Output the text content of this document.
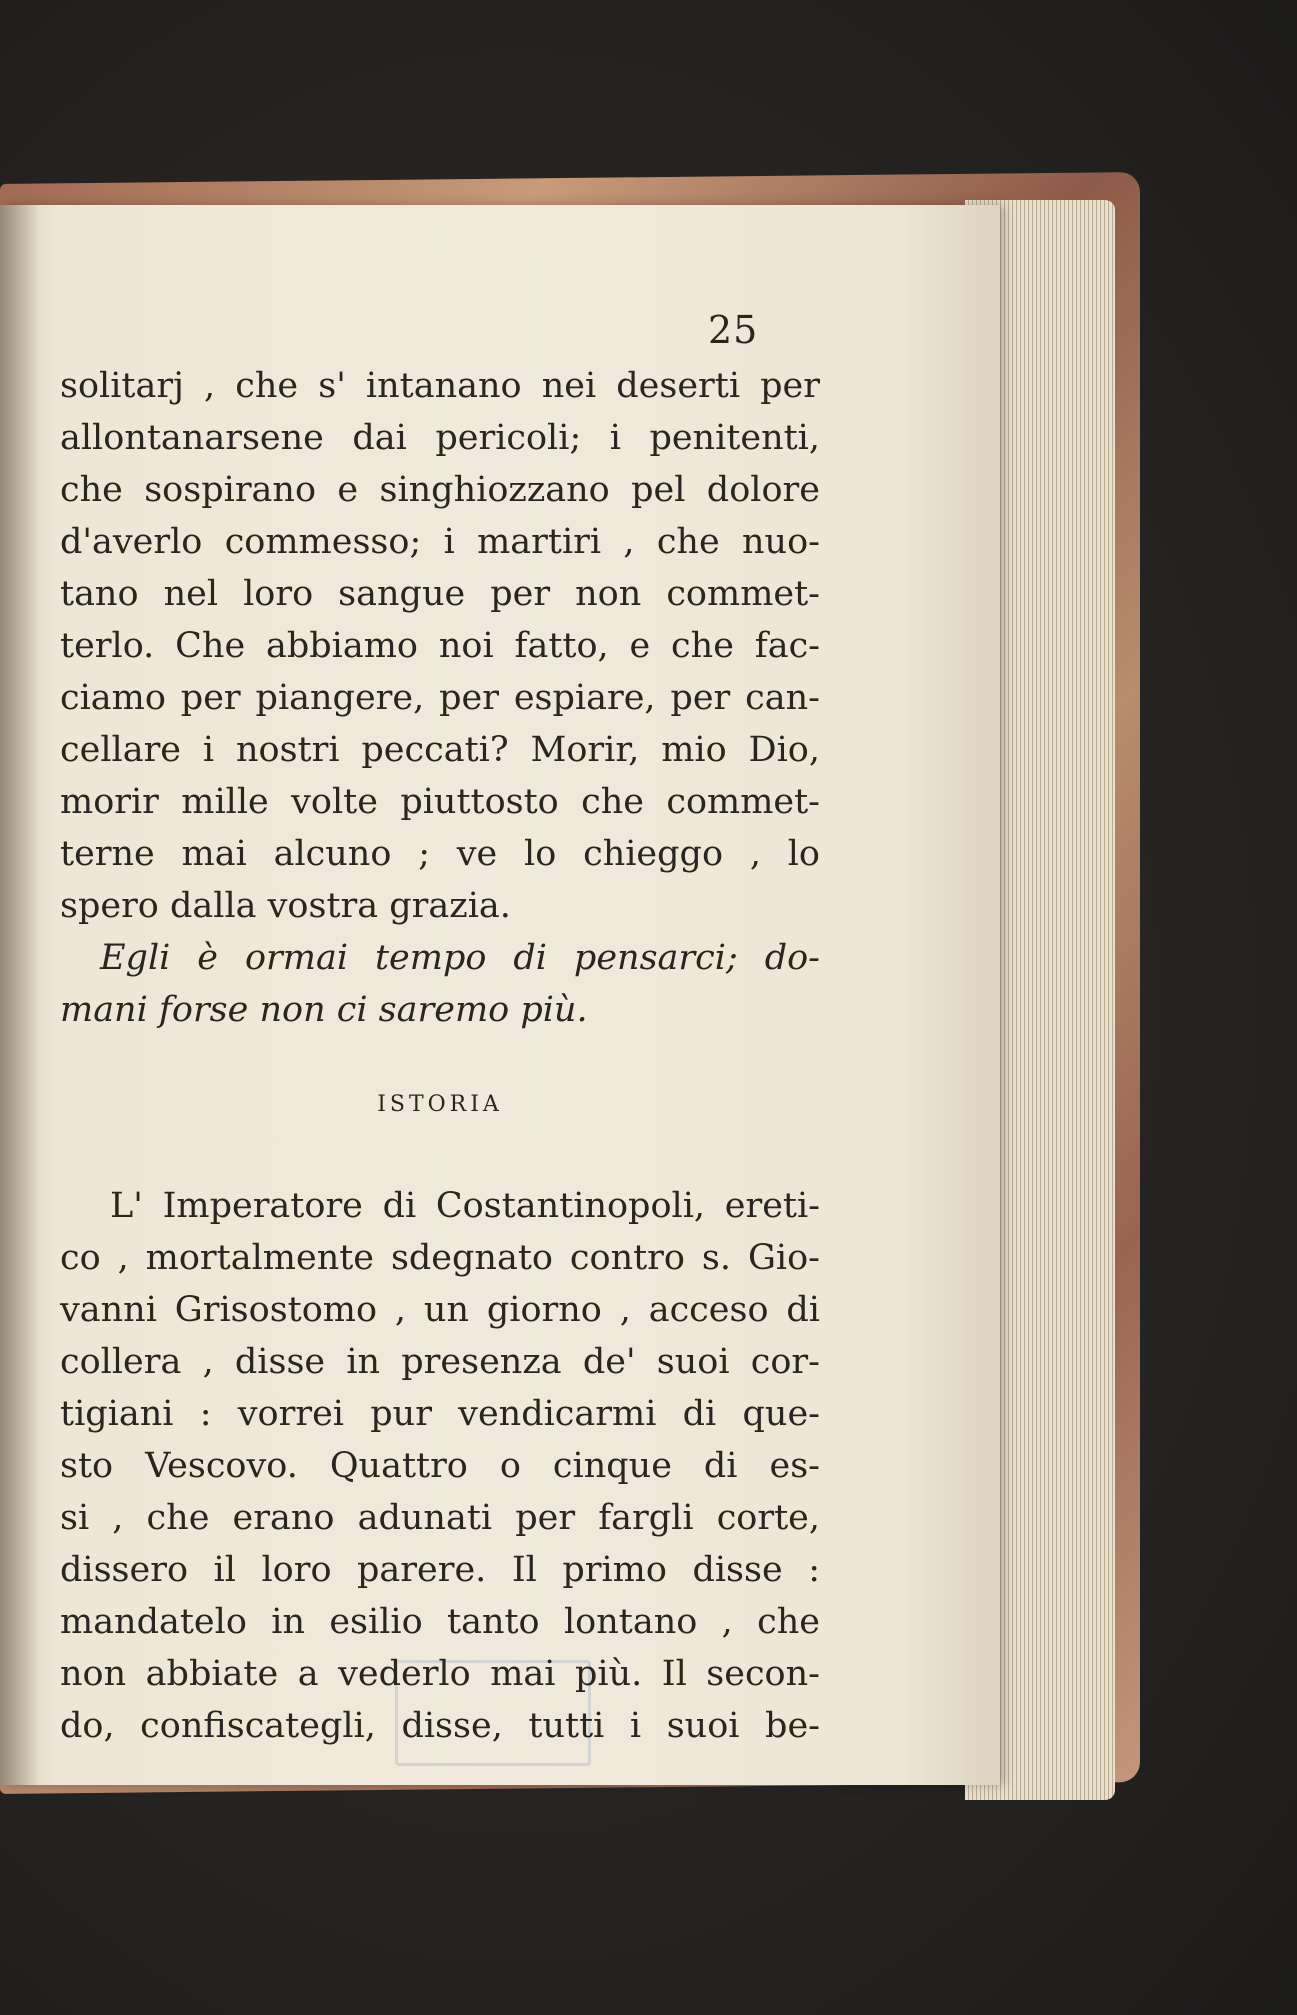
25
solitarj , che s' intanano nei deserti per
allontanarsene dai pericoli; i penitenti,
che sospirano e singhiozzano pel dolore
d'averlo commesso; i martiri , che nuo-
tano nel loro sangue per non commet-
terlo. Che abbiamo noi fatto, e che fac-
ciamo per piangere, per espiare, per can-
cellare i nostri peccati? Morir, mio Dio,
morir mille volte piuttosto che commet-
terne mai alcuno ; ve lo chieggo , lo
spero dalla vostra grazia.
Egli è ormai tempo di pensarci; do-
mani forse non ci saremo più.
ISTORIA
L' Imperatore di Costantinopoli, ereti-
co , mortalmente sdegnato contro s. Gio-
vanni Grisostomo , un giorno , acceso di
collera , disse in presenza de' suoi cor-
tigiani : vorrei pur vendicarmi di que-
sto Vescovo. Quattro o cinque di es-
si , che erano adunati per fargli corte,
dissero il loro parere. Il primo disse :
mandatelo in esilio tanto lontano , che
non abbiate a vederlo mai più. Il secon-
do, confiscategli, disse, tutti i suoi be-
